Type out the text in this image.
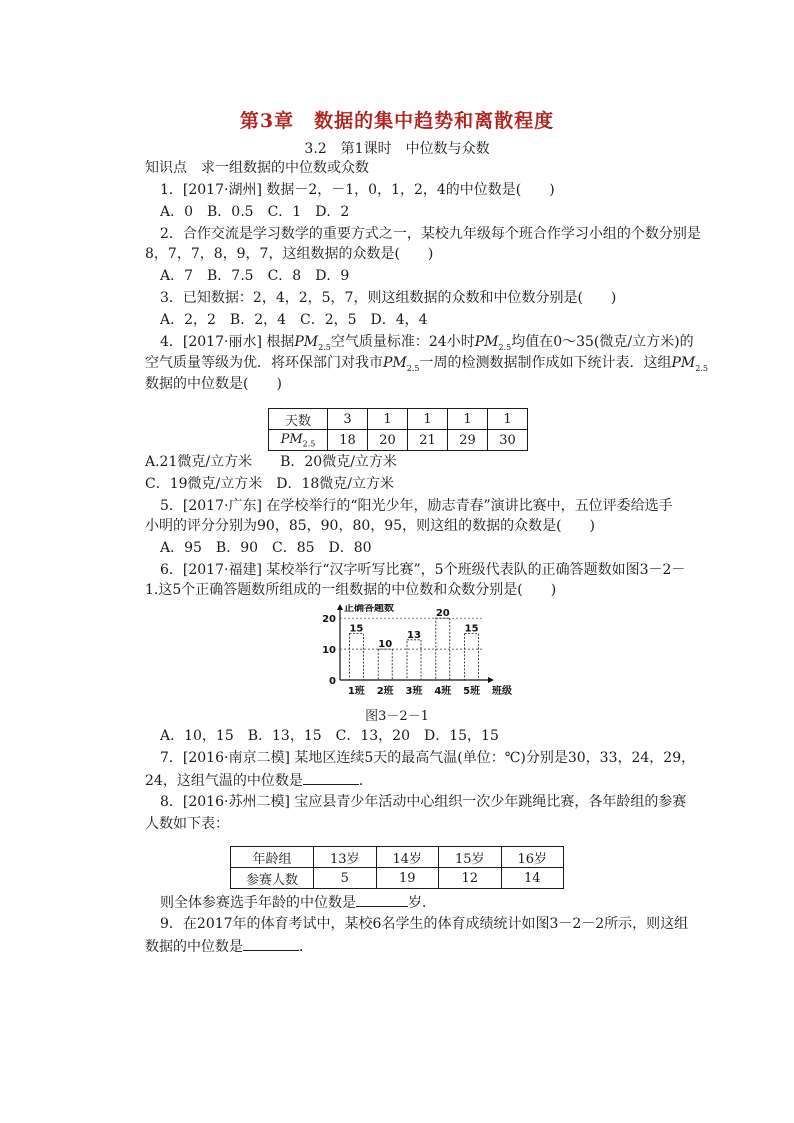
第3章　数据的集中趋势和离散程度
3.2　第1课时　中位数与众数
知识点　求一组数据的中位数或众数
1．[2017·湖州] 数据－2，－1，0，1，2，4的中位数是(　　)
A．0　B．0.5　C．1　D．2
2．合作交流是学习数学的重要方式之一，某校九年级每个班合作学习小组的个数分别是
8，7，7，8，9，7，这组数据的众数是(　　)
A．7　B．7.5　C．8　D．9
3．已知数据：2，4，2，5，7，则这组数据的众数和中位数分别是(　　)
A．2，2　B．2，4　C．2，5　D．4，4
4．[2017·丽水] 根据$PM_{2.5}$空气质量标准：24小时$PM_{2.5}$均值在0～35(微克/立方米)的
空气质量等级为优．将环保部门对我市$PM_{2.5}$一周的检测数据制作成如下统计表．这组$PM_{2.5}$
数据的中位数是(　　)
天数	3	1	1	1	1
$PM_{2.5}$	18	20	21	29	30
A.21微克/立方米　　B．20微克/立方米
C．19微克/立方米　D．18微克/立方米
5．[2017·广东] 在学校举行的“阳光少年，励志青春”演讲比赛中，五位评委给选手
小明的评分分别为90，85，90，80，95，则这组的数据的众数是(　　)
A．95　B．90　C．85　D．80
6．[2017·福建] 某校举行“汉字听写比赛”，5个班级代表队的正确答题数如图3－2－
1.这5个正确答题数所组成的一组数据的中位数和众数分别是(　　)
0
10
20
正确答题数
班级
15
1班
10
2班
13
3班
20
4班
15
5班
图3－2－1
A．10，15　B．13，15　C．13，20　D．15，15
7．[2016·南京二模] 某地区连续5天的最高气温(单位：℃)分别是30，33，24，29，
24，这组气温的中位数是	．
8．[2016·苏州二模] 宝应县青少年活动中心组织一次少年跳绳比赛，各年龄组的参赛
人数如下表：
年龄组	13岁	14岁	15岁	16岁
参赛人数	5	19	12	14
则全体参赛选手年龄的中位数是	岁．
9．在2017年的体育考试中，某校6名学生的体育成绩统计如图3－2－2所示，则这组
数据的中位数是	．
